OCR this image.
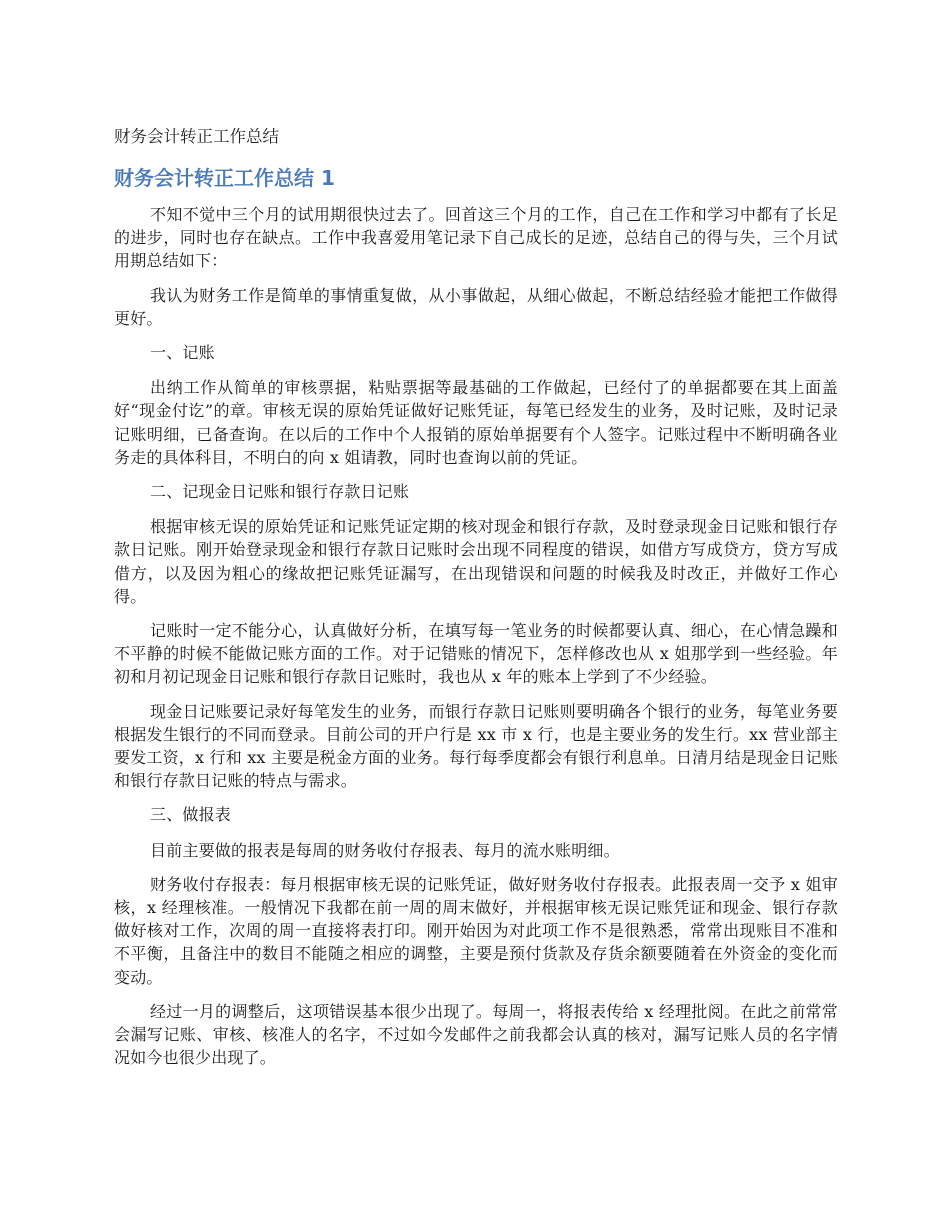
财务会计转正工作总结
财务会计转正工作总结 1

不知不觉中三个月的试用期很快过去了。回首这三个月的工作，自己在工作和学习中都有了长足的进步，同时也存在缺点。工作中我喜爱用笔记录下自己成长的足迹，总结自己的得与失，三个月试用期总结如下：

我认为财务工作是简单的事情重复做，从小事做起，从细心做起，不断总结经验才能把工作做得更好。

一、记账

出纳工作从简单的审核票据，粘贴票据等最基础的工作做起，已经付了的单据都要在其上面盖好“现金付讫”的章。审核无误的原始凭证做好记账凭证，每笔已经发生的业务，及时记账，及时记录记账明细，已备查询。在以后的工作中个人报销的原始单据要有个人签字。记账过程中不断明确各业务走的具体科目，不明白的向 x 姐请教，同时也查询以前的凭证。

二、记现金日记账和银行存款日记账

根据审核无误的原始凭证和记账凭证定期的核对现金和银行存款，及时登录现金日记账和银行存款日记账。刚开始登录现金和银行存款日记账时会出现不同程度的错误，如借方写成贷方，贷方写成借方，以及因为粗心的缘故把记账凭证漏写，在出现错误和问题的时候我及时改正，并做好工作心得。

记账时一定不能分心，认真做好分析，在填写每一笔业务的时候都要认真、细心，在心情急躁和不平静的时候不能做记账方面的工作。对于记错账的情况下，怎样修改也从 x 姐那学到一些经验。年初和月初记现金日记账和银行存款日记账时，我也从 x 年的账本上学到了不少经验。

现金日记账要记录好每笔发生的业务，而银行存款日记账则要明确各个银行的业务，每笔业务要根据发生银行的不同而登录。目前公司的开户行是 xx 市 x 行，也是主要业务的发生行。xx 营业部主要发工资，x 行和 xx 主要是税金方面的业务。每行每季度都会有银行利息单。日清月结是现金日记账和银行存款日记账的特点与需求。

三、做报表

目前主要做的报表是每周的财务收付存报表、每月的流水账明细。

财务收付存报表：每月根据审核无误的记账凭证，做好财务收付存报表。此报表周一交予 x 姐审核，x 经理核准。一般情况下我都在前一周的周末做好，并根据审核无误记账凭证和现金、银行存款做好核对工作，次周的周一直接将表打印。刚开始因为对此项工作不是很熟悉，常常出现账目不准和不平衡，且备注中的数目不能随之相应的调整，主要是预付货款及存货余额要随着在外资金的变化而变动。

经过一月的调整后，这项错误基本很少出现了。每周一，将报表传给 x 经理批阅。在此之前常常会漏写记账、审核、核准人的名字，不过如今发邮件之前我都会认真的核对，漏写记账人员的名字情况如今也很少出现了。
